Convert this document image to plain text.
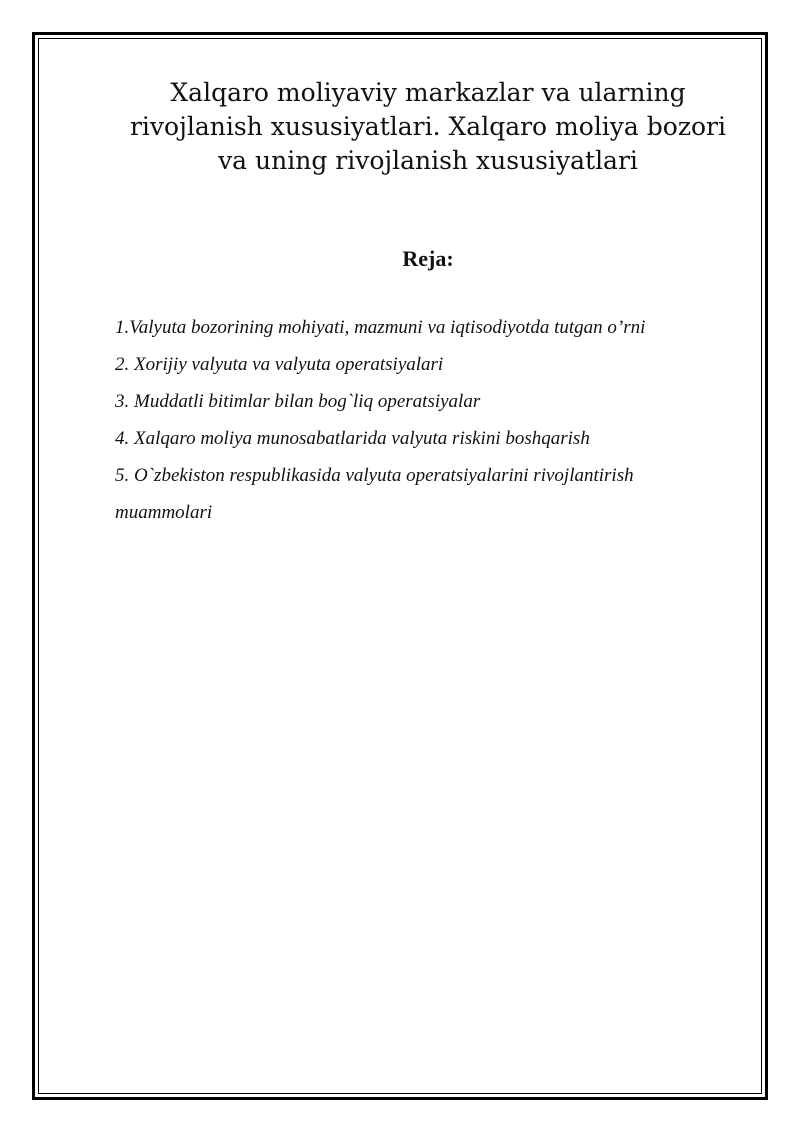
Xalqaro moliyaviy markazlar va ularning
rivojlanish xususiyatlari. Xalqaro moliya bozori
va uning rivojlanish xususiyatlari
Reja:
1.Valyuta bozorining mohiyati, mazmuni va iqtisodiyotda tutgan o’rni
2. Xorijiy valyuta va valyuta operatsiyalari
3. Muddatli bitimlar bilan bog`liq operatsiyalar
4. Xalqaro moliya munosabatlarida valyuta riskini boshqarish
5. O`zbekiston respublikasida valyuta operatsiyalarini rivojlantirish
muammolari
